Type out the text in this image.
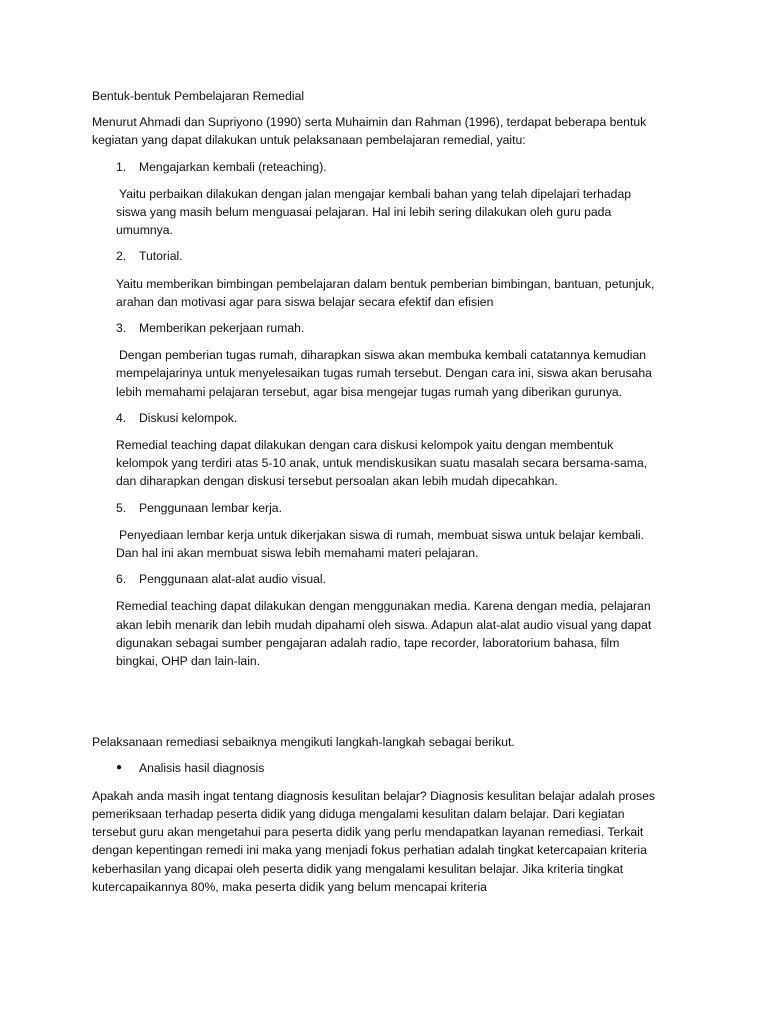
Bentuk-bentuk Pembelajaran Remedial

Menurut Ahmadi dan Supriyono (1990) serta Muhaimin dan Rahman (1996), terdapat beberapa bentuk kegiatan yang dapat dilakukan untuk pelaksanaan pembelajaran remedial, yaitu:

1.	Mengajarkan kembali (reteaching).

Yaitu perbaikan dilakukan dengan jalan mengajar kembali bahan yang telah dipelajari terhadap siswa yang masih belum menguasai pelajaran. Hal ini lebih sering dilakukan oleh guru pada umumnya.

2.	Tutorial.

Yaitu memberikan bimbingan pembelajaran dalam bentuk pemberian bimbingan, bantuan, petunjuk, arahan dan motivasi agar para siswa belajar secara efektif dan efisien

3.	Memberikan pekerjaan rumah.

Dengan pemberian tugas rumah, diharapkan siswa akan membuka kembali catatannya kemudian mempelajarinya untuk menyelesaikan tugas rumah tersebut. Dengan cara ini, siswa akan berusaha lebih memahami pelajaran tersebut, agar bisa mengejar tugas rumah yang diberikan gurunya.

4.	Diskusi kelompok.

Remedial teaching dapat dilakukan dengan cara diskusi kelompok yaitu dengan membentuk kelompok yang terdiri atas 5-10 anak, untuk mendiskusikan suatu masalah secara bersama-sama, dan diharapkan dengan diskusi tersebut persoalan akan lebih mudah dipecahkan.

5.	Penggunaan lembar kerja.

Penyediaan lembar kerja untuk dikerjakan siswa di rumah, membuat siswa untuk belajar kembali. Dan hal ini akan membuat siswa lebih memahami materi pelajaran.

6.	Penggunaan alat-alat audio visual.

Remedial teaching dapat dilakukan dengan menggunakan media. Karena dengan media, pelajaran akan lebih menarik dan lebih mudah dipahami oleh siswa. Adapun alat-alat audio visual yang dapat digunakan sebagai sumber pengajaran adalah radio, tape recorder, laboratorium bahasa, film bingkai, OHP dan lain-lain.

Pelaksanaan remediasi sebaiknya mengikuti langkah-langkah sebagai berikut.

●	Analisis hasil diagnosis

Apakah anda masih ingat tentang diagnosis kesulitan belajar? Diagnosis kesulitan belajar adalah proses pemeriksaan terhadap peserta didik yang diduga mengalami kesulitan dalam belajar. Dari kegiatan tersebut guru akan mengetahui para peserta didik yang perlu mendapatkan layanan remediasi. Terkait dengan kepentingan remedi ini maka yang menjadi fokus perhatian adalah tingkat ketercapaian kriteria keberhasilan yang dicapai oleh peserta didik yang mengalami kesulitan belajar. Jika kriteria tingkat kutercapaikannya 80%, maka peserta didik yang belum mencapai kriteria
